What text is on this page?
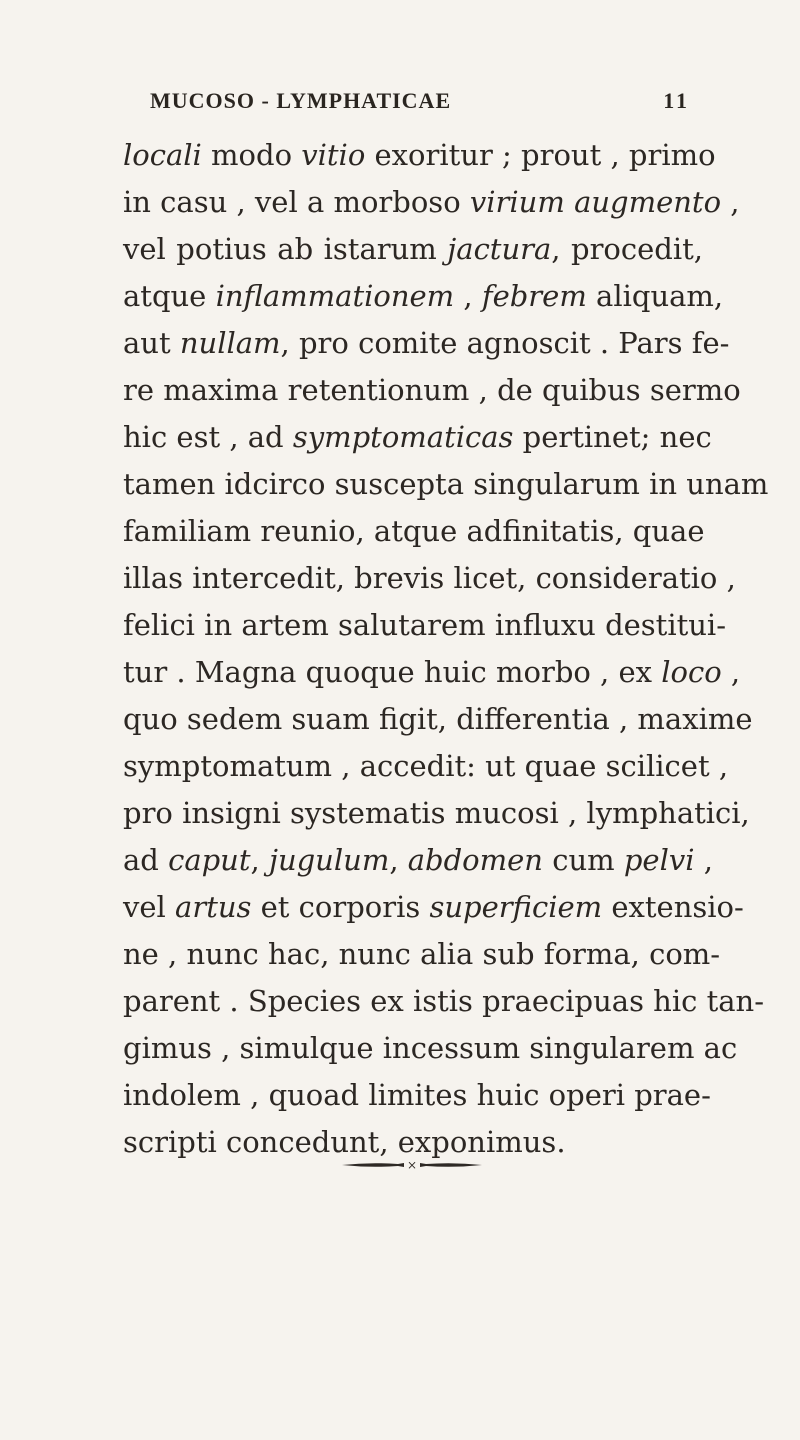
MUCOSO - LYMPHATICAE	11
locali modo vitio exoritur ; prout , primo
in casu , vel a morboso virium augmento ,
vel potius ab istarum jactura, procedit,
atque inflammationem , febrem aliquam,
aut nullam, pro comite agnoscit . Pars fe-
re maxima retentionum , de quibus sermo
hic est , ad symptomaticas pertinet; nec
tamen idcirco suscepta singularum in unam
familiam reunio, atque adfinitatis, quae
illas intercedit, brevis licet, consideratio ,
felici in artem salutarem influxu destitui-
tur . Magna quoque huic morbo , ex loco ,
quo sedem suam figit, differentia , maxime
symptomatum , accedit: ut quae scilicet ,
pro insigni systematis mucosi , lymphatici,
ad caput, jugulum, abdomen cum pelvi ,
vel artus et corporis superficiem extensio-
ne , nunc hac, nunc alia sub forma, com-
parent . Species ex istis praecipuas hic tan-
gimus , simulque incessum singularem ac
indolem , quoad limites huic operi prae-
scripti concedunt, exponimus.
⨯
